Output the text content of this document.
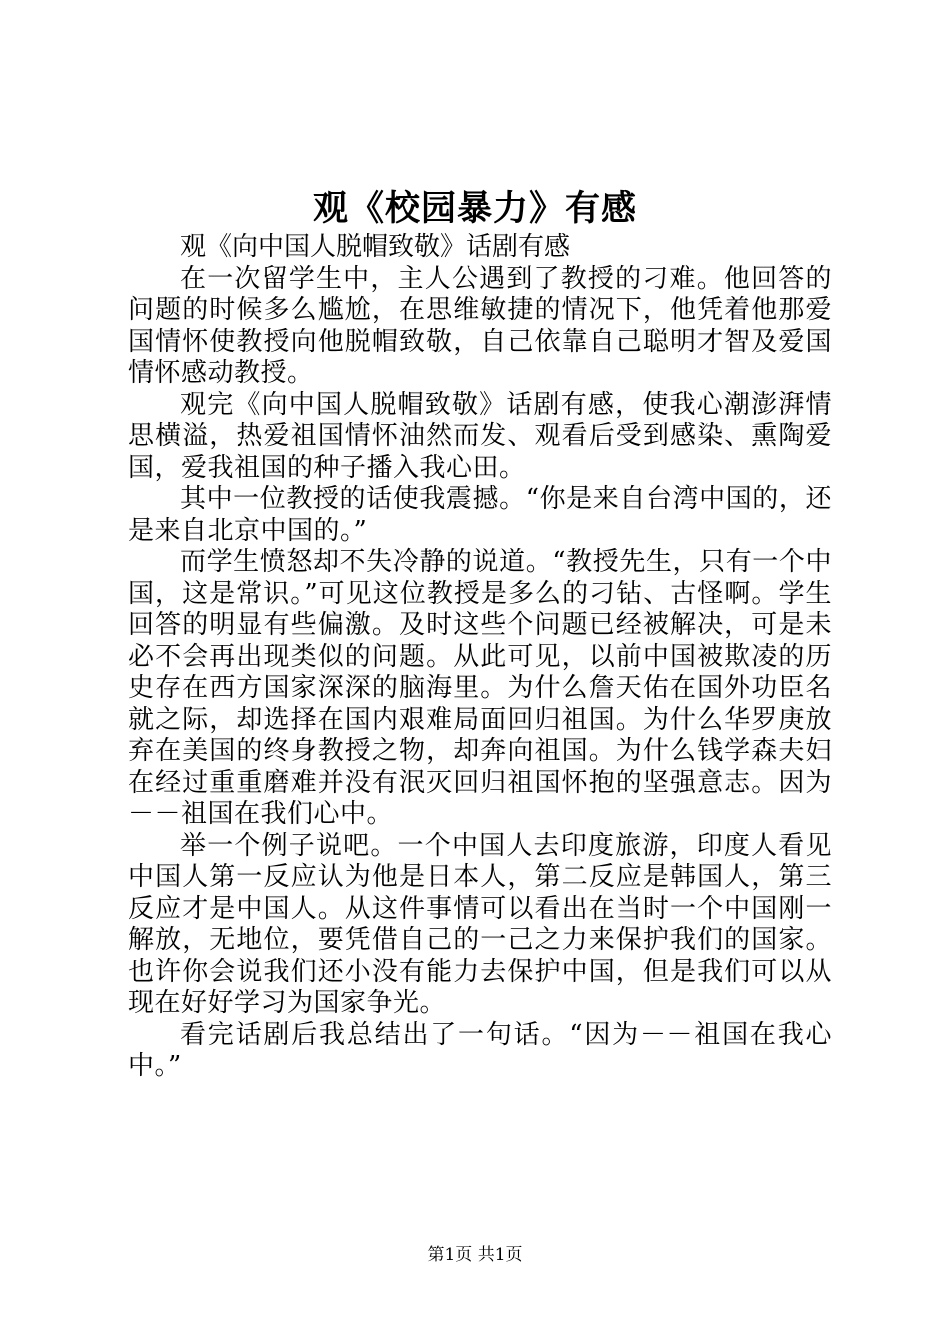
观《校园暴力》有感

观《向中国人脱帽致敬》话剧有感

在一次留学生中，主人公遇到了教授的刁难。他回答的问题的时候多么尴尬，在思维敏捷的情况下，他凭着他那爱国情怀使教授向他脱帽致敬，自己依靠自己聪明才智及爱国情怀感动教授。

观完《向中国人脱帽致敬》话剧有感，使我心潮澎湃情思横溢，热爱祖国情怀油然而发、观看后受到感染、熏陶爱国，爱我祖国的种子播入我心田。

其中一位教授的话使我震撼。“你是来自台湾中国的，还是来自北京中国的。”

而学生愤怒却不失冷静的说道。“教授先生，只有一个中国，这是常识。”可见这位教授是多么的刁钻、古怪啊。学生回答的明显有些偏激。及时这些个问题已经被解决，可是未必不会再出现类似的问题。从此可见，以前中国被欺凌的历史存在西方国家深深的脑海里。为什么詹天佑在国外功臣名就之际，却选择在国内艰难局面回归祖国。为什么华罗庚放弃在美国的终身教授之物，却奔向祖国。为什么钱学森夫妇在经过重重磨难并没有泯灭回归祖国怀抱的坚强意志。因为－－祖国在我们心中。

举一个例子说吧。一个中国人去印度旅游，印度人看见中国人第一反应认为他是日本人，第二反应是韩国人，第三反应才是中国人。从这件事情可以看出在当时一个中国刚一解放，无地位，要凭借自己的一己之力来保护我们的国家。也许你会说我们还小没有能力去保护中国，但是我们可以从现在好好学习为国家争光。

看完话剧后我总结出了一句话。“因为－－祖国在我心中。”

第1页 共1页
